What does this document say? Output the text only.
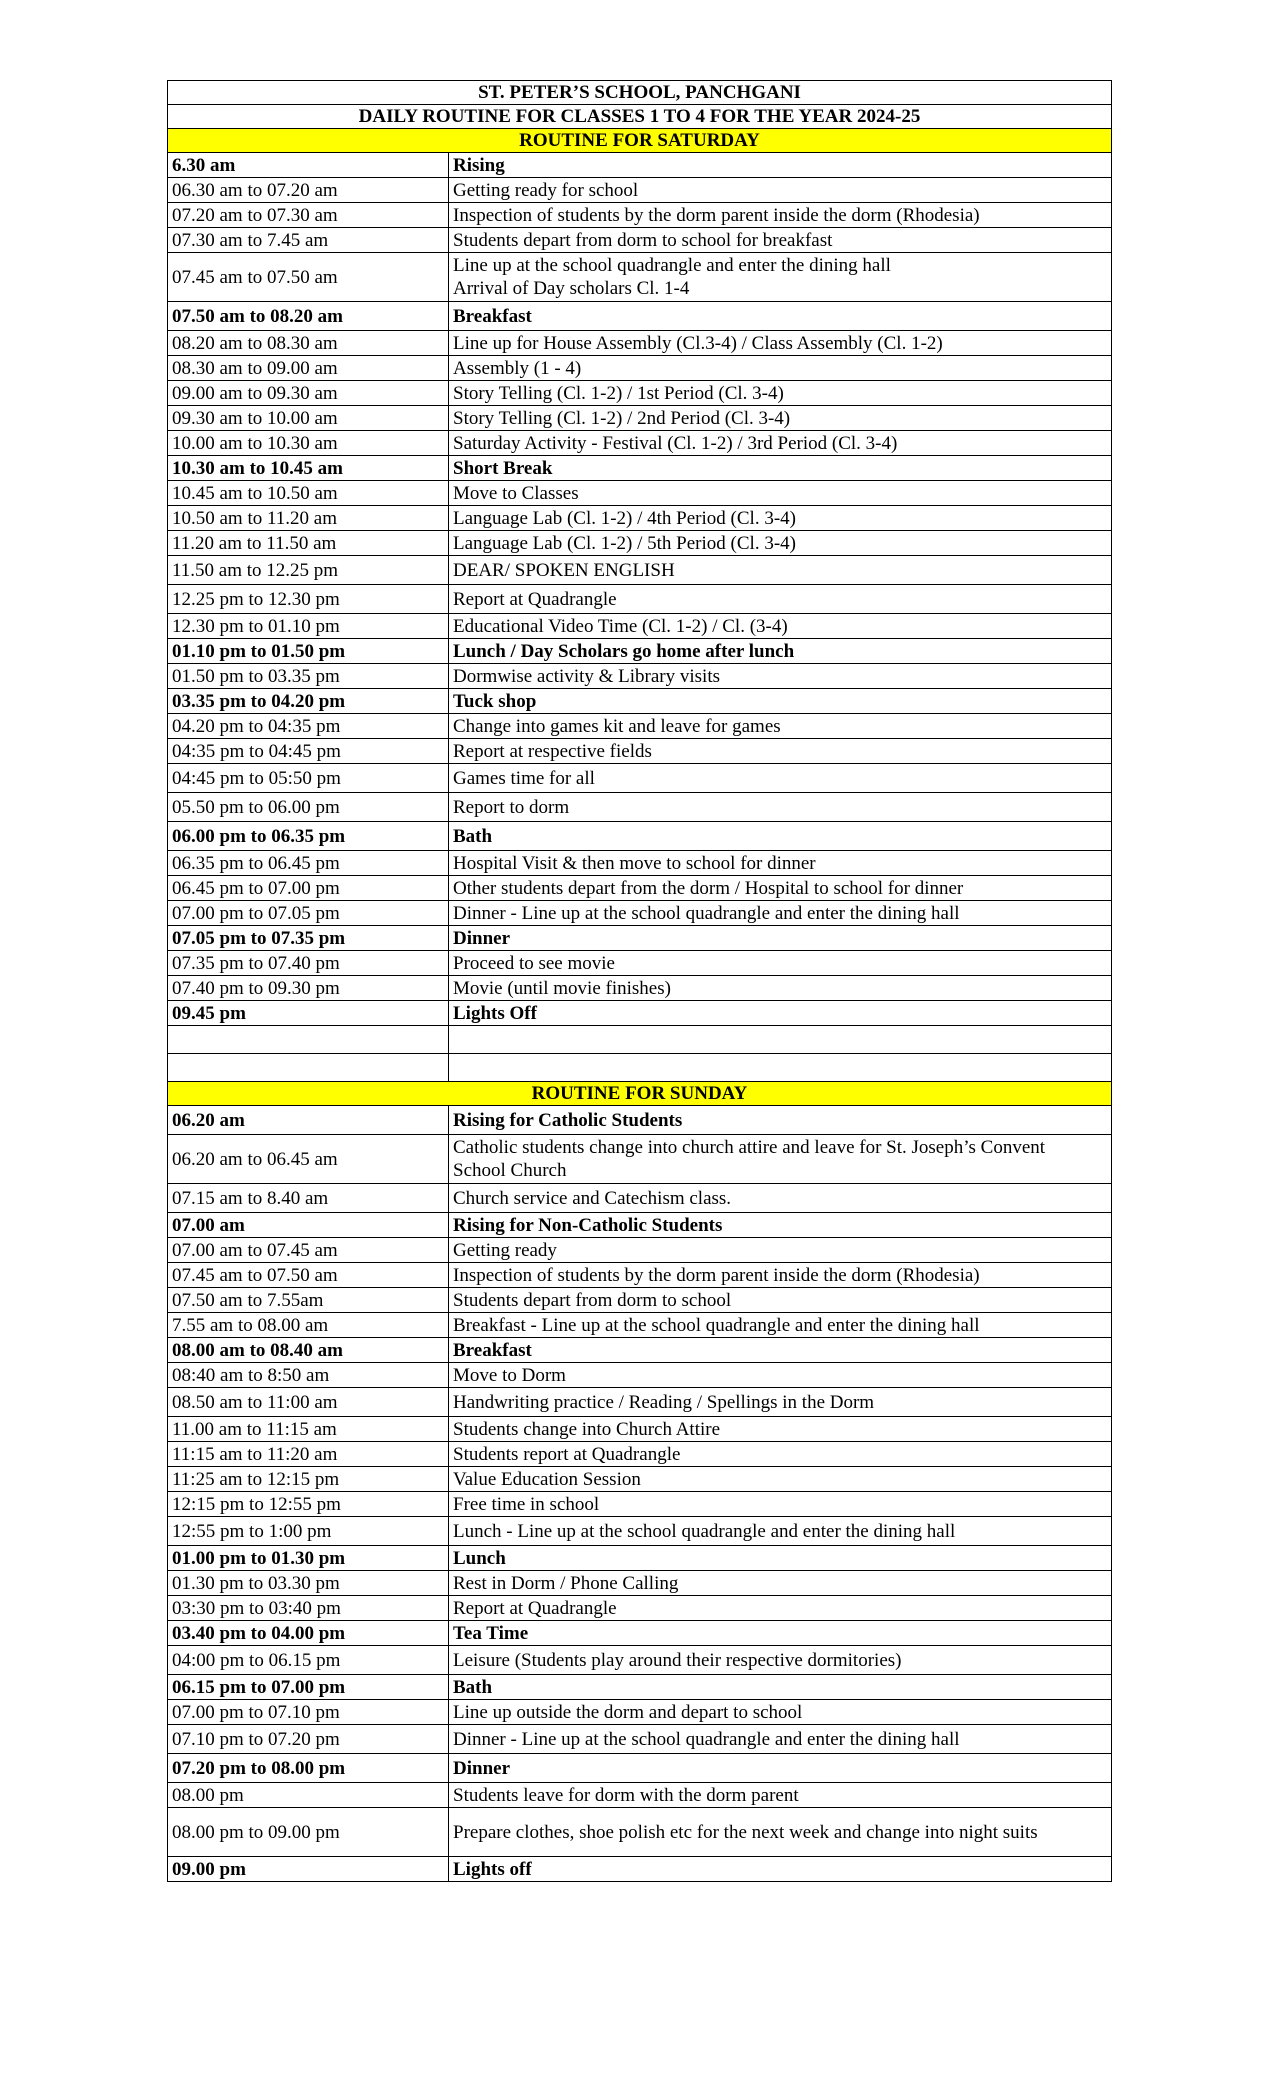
ST. PETER’S SCHOOL, PANCHGANI	
DAILY ROUTINE FOR CLASSES 1 TO 4 FOR THE YEAR 2024-25	
ROUTINE FOR SATURDAY	
6.30 am	Rising
06.30 am to 07.20 am	Getting ready for school
07.20 am to 07.30 am	Inspection of students by the dorm parent inside the dorm (Rhodesia)
07.30 am to 7.45 am	Students depart from dorm to school for breakfast
07.45 am to 07.50 am	Line up at the school quadrangle and enter the dining hall
Arrival of Day scholars Cl. 1-4
07.50 am to 08.20 am	Breakfast
08.20 am to 08.30 am	Line up for House Assembly (Cl.3-4) / Class Assembly (Cl. 1-2)
08.30 am to 09.00 am	Assembly (1 - 4)
09.00 am to 09.30 am	Story Telling (Cl. 1-2) / 1st Period (Cl. 3-4)
09.30 am to 10.00 am	Story Telling (Cl. 1-2) / 2nd Period (Cl. 3-4)
10.00 am to 10.30 am	Saturday Activity - Festival (Cl. 1-2) / 3rd Period (Cl. 3-4)
10.30 am to 10.45 am	Short Break
10.45 am to 10.50 am	Move to Classes
10.50 am to 11.20 am	Language Lab (Cl. 1-2) / 4th Period (Cl. 3-4)
11.20 am to 11.50 am	Language Lab (Cl. 1-2) / 5th Period (Cl. 3-4)
11.50 am to 12.25 pm	DEAR/ SPOKEN ENGLISH
12.25 pm to 12.30 pm	Report at Quadrangle
12.30 pm to 01.10 pm	Educational Video Time (Cl. 1-2) / Cl. (3-4)
01.10 pm to 01.50 pm	Lunch / Day Scholars go home after lunch
01.50 pm to 03.35 pm	Dormwise activity & Library visits
03.35 pm to 04.20 pm	Tuck shop
04.20 pm to 04:35 pm	Change into games kit and leave for games
04:35 pm to 04:45 pm	Report at respective fields
04:45 pm to 05:50 pm	Games time for all
05.50 pm to 06.00 pm	Report to dorm
06.00 pm to 06.35 pm	Bath
06.35 pm to 06.45 pm	Hospital Visit & then move to school for dinner
06.45 pm to 07.00 pm	Other students depart from the dorm / Hospital to school for dinner
07.00 pm to 07.05 pm	Dinner - Line up at the school quadrangle and enter the dining hall
07.05 pm to 07.35 pm	Dinner
07.35 pm to 07.40 pm	Proceed to see movie
07.40 pm to 09.30 pm	Movie (until movie finishes)
09.45 pm	Lights Off

ROUTINE FOR SUNDAY	
06.20 am	Rising for Catholic Students
06.20 am to 06.45 am	Catholic students change into church attire and leave for St. Joseph’s Convent
School Church
07.15 am to 8.40 am	Church service and Catechism class.
07.00 am	Rising for Non-Catholic Students
07.00 am to 07.45 am	Getting ready
07.45 am to 07.50 am	Inspection of students by the dorm parent inside the dorm (Rhodesia)
07.50 am to 7.55am	Students depart from dorm to school
7.55 am to 08.00 am	Breakfast - Line up at the school quadrangle and enter the dining hall
08.00 am to 08.40 am	Breakfast
08:40 am to 8:50 am	Move to Dorm
08.50 am to 11:00 am	Handwriting practice / Reading / Spellings in the Dorm
11.00 am to 11:15 am	Students change into Church Attire
11:15 am to 11:20 am	Students report at Quadrangle
11:25 am to 12:15 pm	Value Education Session
12:15 pm to 12:55 pm	Free time in school
12:55 pm to 1:00 pm	Lunch - Line up at the school quadrangle and enter the dining hall
01.00 pm to 01.30 pm	Lunch
01.30 pm to 03.30 pm	Rest in Dorm / Phone Calling
03:30 pm to 03:40 pm	Report at Quadrangle
03.40 pm to 04.00 pm	Tea Time
04:00 pm to 06.15 pm	Leisure (Students play around their respective dormitories)
06.15 pm to 07.00 pm	Bath
07.00 pm to 07.10 pm	Line up outside the dorm and depart to school
07.10 pm to 07.20 pm	Dinner - Line up at the school quadrangle and enter the dining hall
07.20 pm to 08.00 pm	Dinner
08.00 pm	Students leave for dorm with the dorm parent
08.00 pm to 09.00 pm	Prepare clothes, shoe polish etc for the next week and change into night suits
09.00 pm	Lights off
